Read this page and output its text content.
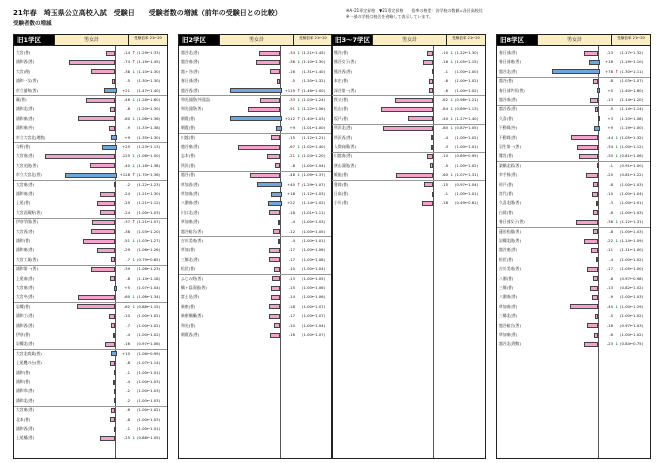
21年春　埼玉県公立高校入試　受験日　　受験者数の増減（前年の受験日との比較）
受験者数の増減
※A･21専定昇格　▼21専定昇格　　倍率の格差：各学校の数値=各区高校比
※一部の学校は校名を省略して表示しています。
旧1学区	男女計	受験倍率 21←20
大宮(普)	-14 ↑ (1.29←1.33)
浦和西(普)	-74 ↑ (1.19←1.45)
大宮(理)	-38 ↓ (1.10←1.30)
浦和一女(普)	-5 (1.30←1.30)
市立浦和(普)	+21 (1.47←1.40)
蕨(普)	-46 ↓ (1.28←1.60)
浦和北(普)	-8 (1.20←1.30)
浦和東(普)	-60 ↓ (1.08←1.36)
浦和東(外)	-9 (1.33←1.38)
市立大宮北(理数)	+9 (1.35←1.30)
与野(普)	+25 (1.23←1.13)
大宮南(普)	-125 ↓ (1.08←1.50)
大宮光陵(普)	-40 ↓ (1.18←1.38)
市立大宮北(普)	+128 ↑ (1.70←1.36)
大宮東(普)	-2 (1.22←1.23)
浦和南(普)	-24 (1.21←1.30)
上尾(普)	-29 (1.21←1.12)
大宮武蔵野(普)	-24 (1.00←1.03)
伊奈学園(普)	-37 ↑ (1.21←1.07)
大宮西(普)	-38 (1.03←1.20)
浦和(普)	-51 ↓ (1.03←1.27)
浦和東(普)	-29 (1.06←1.26)
大宮工業(普)	-7 ↓ (0.79←0.85)
浦和第一(普)	-39 (1.08←1.23)
上尾南(普)	-8 (1.14←1.18)
大宮東(普)	+5 (1.07←1.04)
大宮中(普)	-60 ↓ (1.06←1.34)
岩槻(普)	-62 ↓ (0.88←1.15)
浦和工(普)	-10 (1.00←1.02)
浦和西(普)	-7 (1.00←1.02)
伊奈(普)	-4 (1.00←1.02)
岩槻北(普)	-16 (0.97←1.06)
大宮北商業(普)	+10 (1.06←0.99)
上尾鷹の台(普)	-8 (1.07←1.14)
浦和(普)	-1 (1.00←1.01)
浦和(普)	-4 (1.00←1.03)
浦和市(普)	-2 (1.00←1.03)
浦和北(普)	-2 (1.00←1.03)
大宮東(普)	-6 (1.00←1.02)
北本(普)	-8 (1.00←1.03)
浦和西(普)	-1 (1.00←1.01)
上尾橘(普)	-25 ↓ (0.88←1.05)
旧2学区	男女計	受験倍率 21←20
越谷北(普)	-34 ↓ (1.21←1.45)
越谷南(普)	-38 ↓ (1.10←1.30)
越ヶ谷(普)	-16 (1.31←1.40)
春日部(普)	-5 (1.30←1.32)
越谷西(普)	+119 ↑ (1.46←1.00)
和光国際(外国語)	-33 ↓ (1.04←1.24)
和光国際(普)	-51 ↓ (1.22←1.56)
朝霞(普)	+112 ↑ (1.40←1.03)
朝霞(普)	+9 (1.01←1.00)
川越(普)	-15 (1.12←1.21)
越谷東(普)	-67 ↓ (1.02←1.40)
志木(普)	-21 ↓ (1.04←1.20)
所沢(普)	-8 (1.00←1.04)
越谷(普)	-48 ↓ (1.09←1.37)
草加西(普)	+40 ↑ (1.29←1.07)
草加南(普)	+18 (1.12←1.03)
八潮南(普)	+22 (1.14←1.02)
川口北(普)	-18 (1.01←1.11)
草加東(普)	-4 (1.00←1.03)
越谷総合(普)	-12 (1.00←1.05)
吉川美南(普)	-4 (1.00←1.01)
草加(普)	-17 (1.00←1.06)
三郷北(普)	-17 (1.00←1.08)
松伏(普)	-10 (1.00←1.04)
ふじみ野(普)	-13 (1.00←1.05)
鶴ヶ島清風(普)	-15 (1.00←1.06)
富士見(普)	-14 (1.00←1.06)
新座(普)	-18 (1.00←1.07)
新座柳瀬(普)	-17 (1.00←1.07)
和光(普)	-10 (1.00←1.04)
朝霞西(普)	-16 (1.00←1.07)
旧3〜7学区	男女計	受験倍率 21←20
熊谷(普)	-10 ↓ (1.22←1.30)
熊谷女子(普)	-16 ↓ (1.05←1.15)
熊谷西(普)	-1 (1.00←1.00)
本庄(普)	-6 (1.00←1.02)
深谷第一(普)	-6 (1.00←1.02)
秩父(普)	-62 ↓ (0.96←1.21)
松山(普)	-84 ↓ (0.89←1.13)
坂戸(普)	-40 ↓ (1.27←1.40)
所沢北(普)	-80 ↓ (0.87←1.05)
所沢西(普)	-4 (1.00←1.02)
入間向陽(普)	-3 (1.00←1.01)
川越南(普)	-10 (0.89←0.95)
狭山清陵(普)	-5 (1.00←1.02)
飯能(普)	-60 ↓ (1.07←1.31)
豊岡(普)	-15 (0.97←1.04)
日高(普)	-1 (1.00←1.01)
小川(普)	-18 (0.49←0.61)
旧8学区	男女計	受験倍率 21←20
春日部(普)	-23 (1.17←1.32)
春日部東(普)	+18 (1.19←1.10)
越谷北(普)	+78 ↑ (1.30←1.11)
越谷(普)	-8 (1.03←1.07)
春日部共栄(普)	+5 (1.40←1.60)
越谷南(普)	-13 (1.14←1.20)
越谷西(普)	-5 (1.14←1.14)
久喜(普)	+3 (1.10←1.08)
不動岡(外)	+9 (1.19←1.00)
不動岡(普)	-44 ↓ (1.05←1.32)
羽生第一(普)	-34 ↓ (1.00←1.12)
鷲宮(普)	-30 ↓ (0.81←1.06)
栗橋北彩(普)	-1 (0.91←1.00)
幸手桜(普)	-20 (0.81←1.22)
杉戸(普)	-8 (1.00←1.03)
宮代(普)	-10 (1.00←1.04)
久喜北陽(普)	-3 (1.00←1.01)
白岡(普)	-8 (1.00←1.03)
春日部女子(普)	-36 ↓ (1.12←1.31)
蓮田松韻(普)	-8 (1.00←1.03)
岩槻北陵(普)	-22 ↓ (1.14←1.09)
越谷東(普)	-11 (1.11←1.00)
松伏(普)	-4 (1.00←1.02)
吉川美南(普)	-17 (1.05←1.00)
八潮(普)	-8 (0.97←0.98)
三郷(普)	-13 (0.82←1.02)
八潮南(普)	-9 (1.00←1.03)
草加南(普)	-45 ↓ (1.00←1.29)
三郷北(普)	-5 (1.00←1.02)
越谷総合(普)	-18 (0.97←1.03)
草加東(普)	-6 (1.00←1.02)
越谷北(理数)	-23 ↓ (0.84←0.75)
